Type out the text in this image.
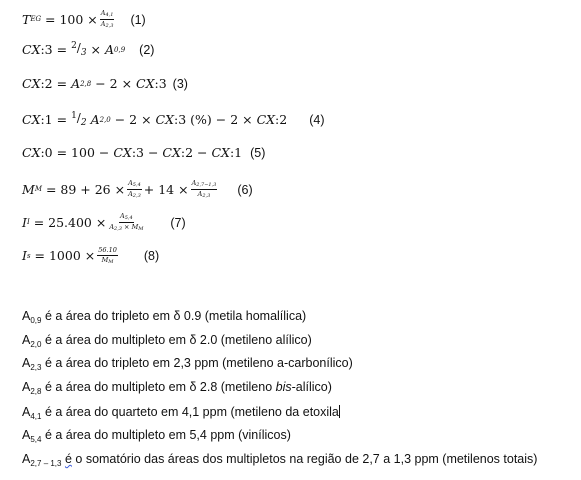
T EG = $100 \times \frac{A_{4,1}}{A_{2,3}} (1)$
CX :3 = $^2/_3 \times A$ 0,9 (2)
CX :2 = A 2,8 − 2 × CX :3 (3)
CX :1 = $^1/_2$
A 2,0 − 2 × CX :3 (%) − 2 × CX :2 (4)
CX :0 = 100 − CX :3 − CX :2 − CX :1 (5)
M $M = 89 + 26 \times \frac{A_{5,4}}{A_{2,3}} + 14 \times \frac{A_{2,7-1,3}}{A_{2,3}} (6)$
I $I = 25.400 \times \frac{A_{5,4}}{A_{2,3} \times M_M} (7)$
I $s = 1000 \times \frac{56.10}{M_M} (8)$
$A_{0,9}$ é a área do tripleto em δ 0.9 (metila homalílica)
$A_{2,0}$ é a área do multipleto em δ 2.0 (metileno alílico)
$A_{2,3}$ é a área do tripleto em 2,3 ppm (metileno a-carbonílico)
$A_{2,8}$ é a área do multipleto em δ 2.8 (metileno bis-alílico)
$A_{4,1}$ é a área do quarteto em 4,1 ppm (metileno da etoxila
$A_{5,4}$ é a área do multipleto em 5,4 ppm (vinílicos)
$A_{2,7 - 1,3}$ é o somatório das áreas dos multipletos na região de 2,7 a 1,3 ppm (metilenos totais)
